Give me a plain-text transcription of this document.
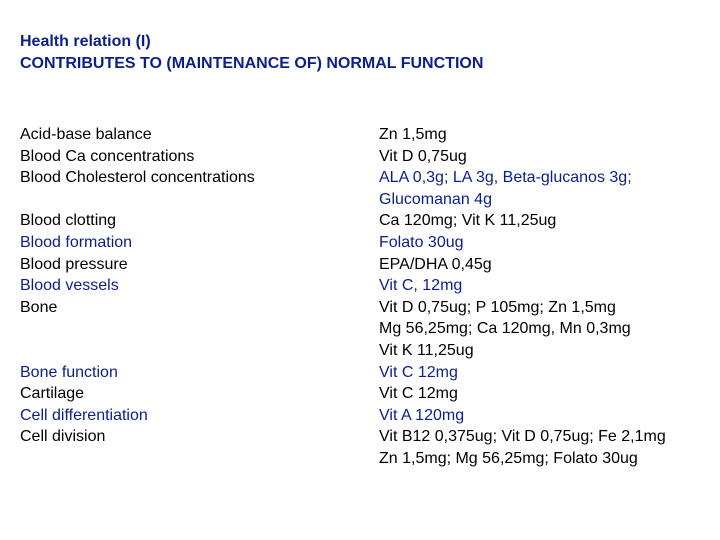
Health relation (I)
CONTRIBUTES TO (MAINTENANCE OF) NORMAL FUNCTION
Acid-base balance
Blood Ca concentrations
Blood Cholesterol concentrations
Blood clotting
Blood formation
Blood pressure
Blood vessels
Bone
Bone function
Cartilage
Cell differentiation
Cell division
Zn 1,5mg
Vit D 0,75ug
ALA 0,3g; LA 3g, Beta-glucanos 3g;
Glucomanan 4g
Ca 120mg; Vit K 11,25ug
Folato 30ug
EPA/DHA 0,45g
Vit C, 12mg
Vit D 0,75ug; P 105mg; Zn 1,5mg
Mg 56,25mg; Ca 120mg, Mn 0,3mg
Vit K 11,25ug
Vit C 12mg
Vit C 12mg
Vit A 120mg
Vit B12 0,375ug; Vit D 0,75ug; Fe 2,1mg
Zn 1,5mg; Mg 56,25mg; Folato 30ug
